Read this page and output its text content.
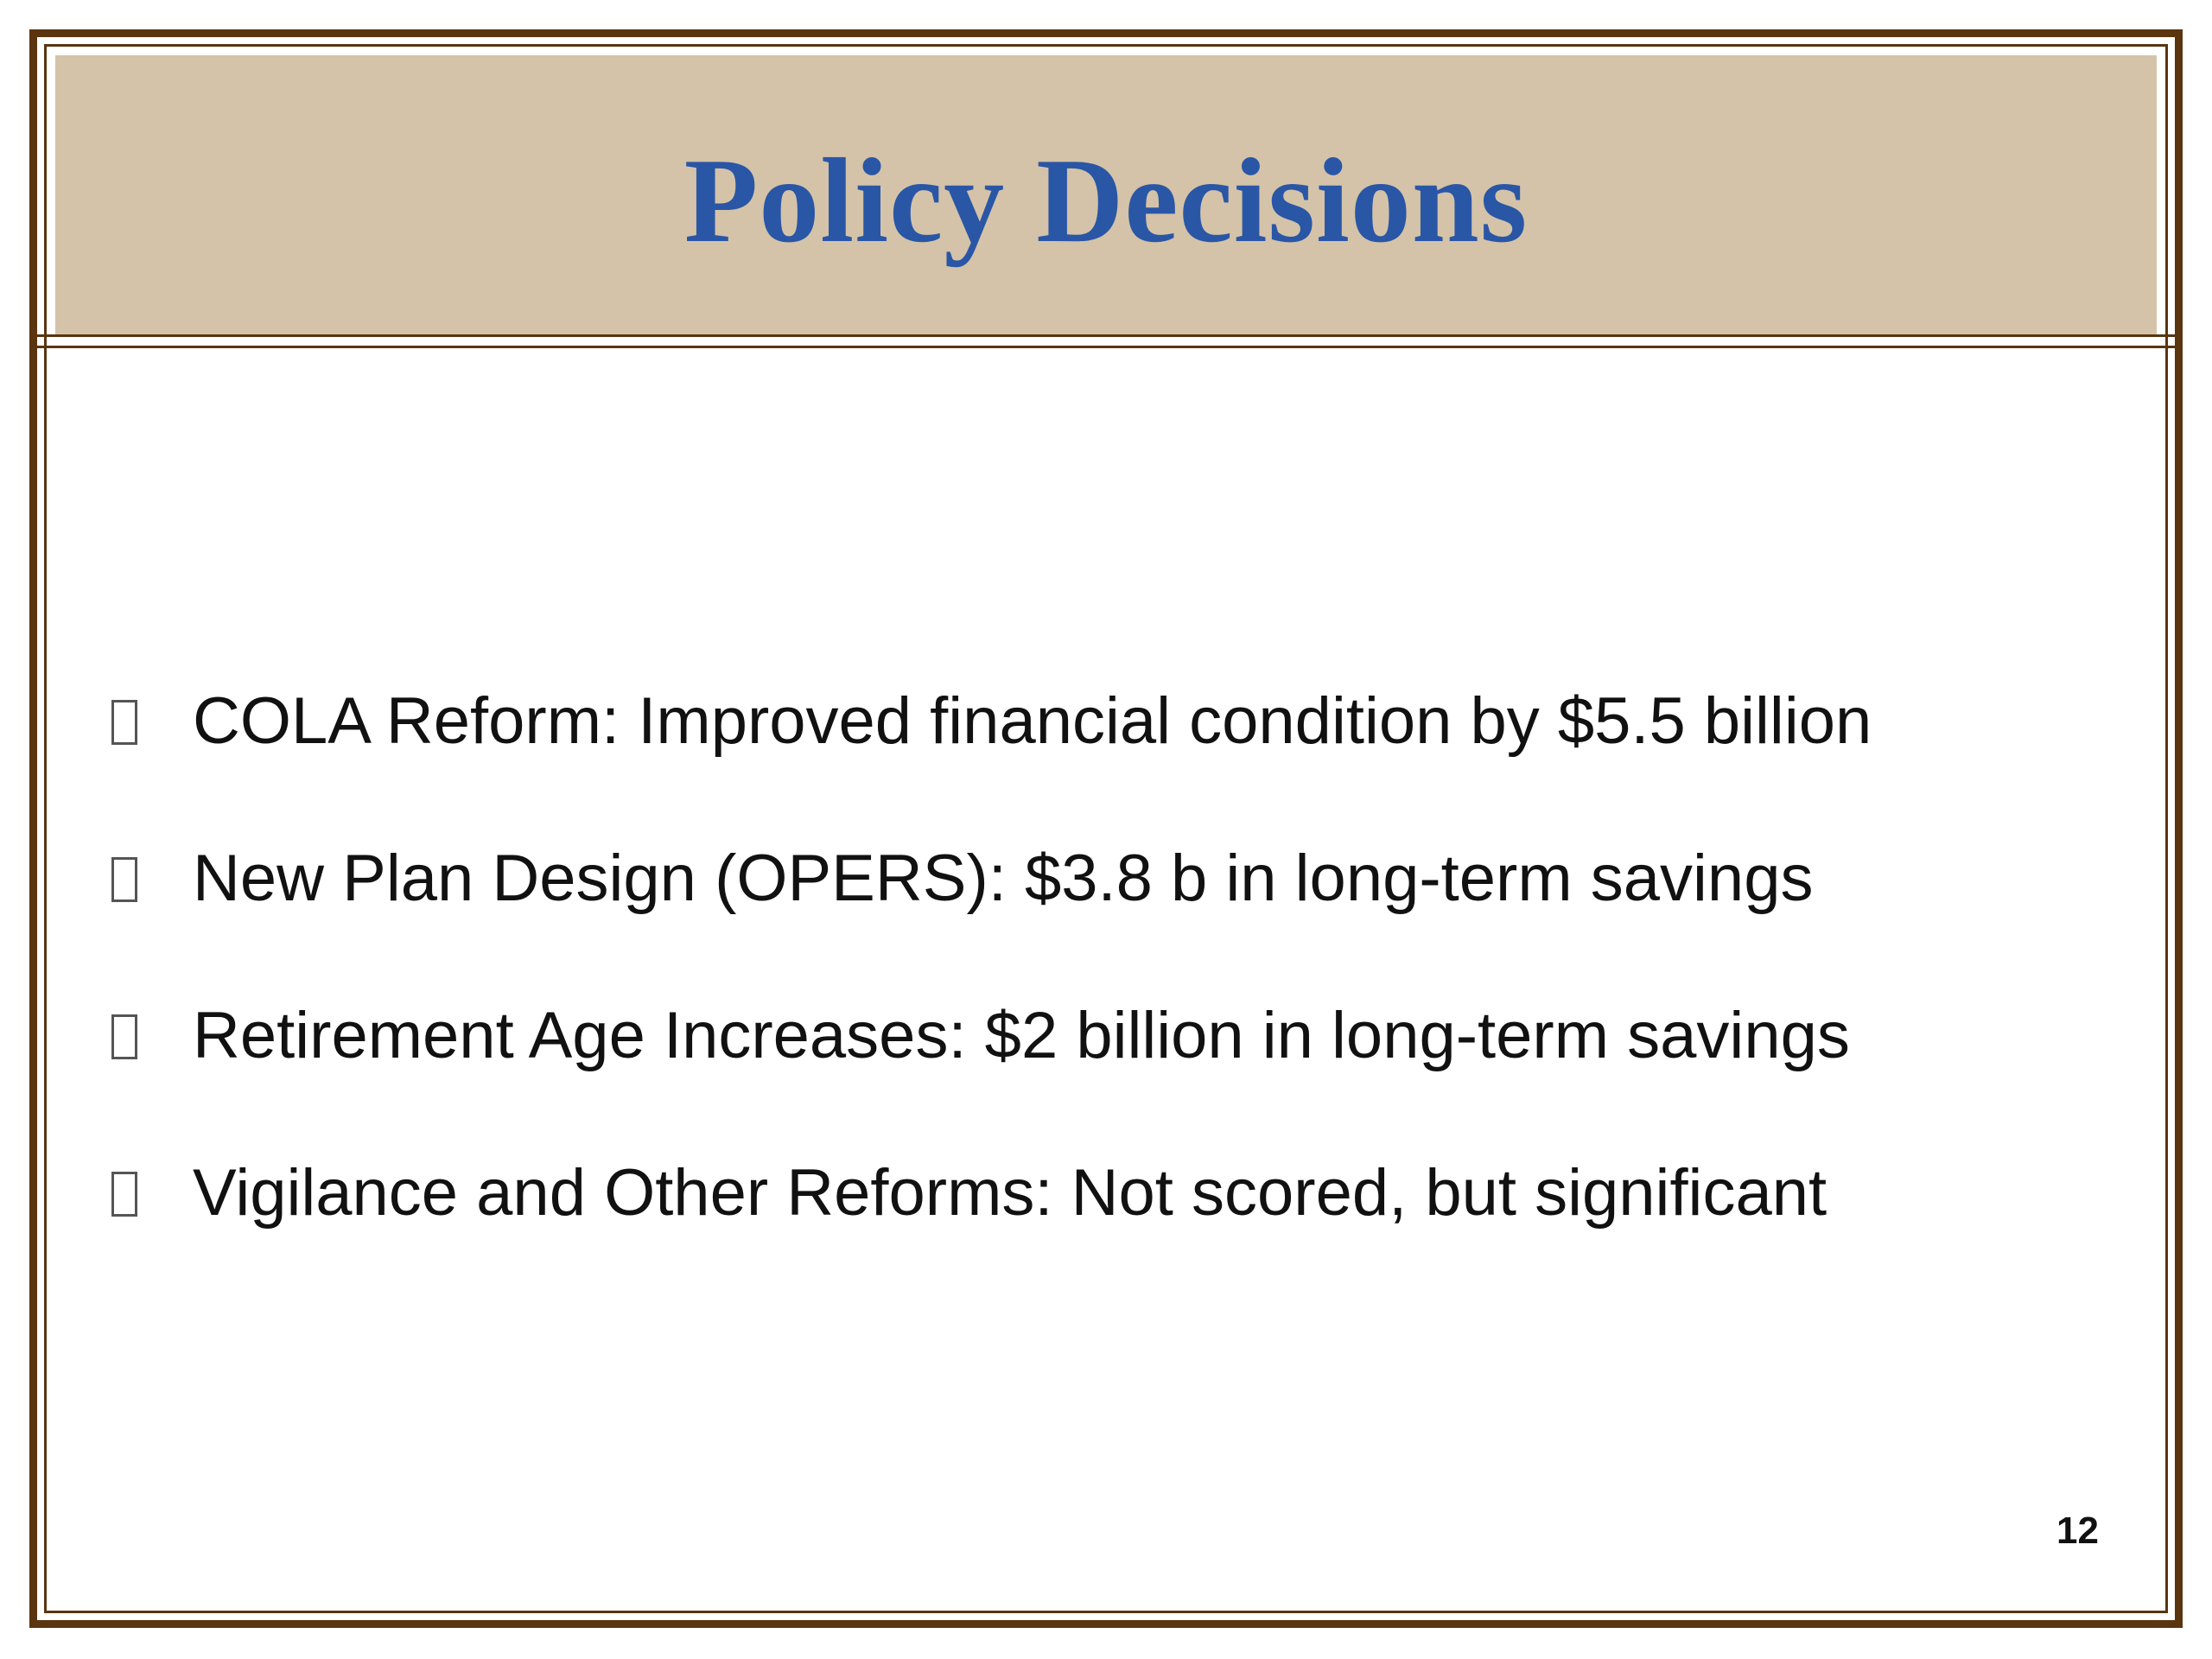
Policy Decisions
COLA Reform: Improved financial condition by $5.5 billion
New Plan Design (OPERS): $3.8 b in long-term savings
Retirement Age Increases: $2 billion in long-term savings
Vigilance and Other Reforms: Not scored, but significant
12
